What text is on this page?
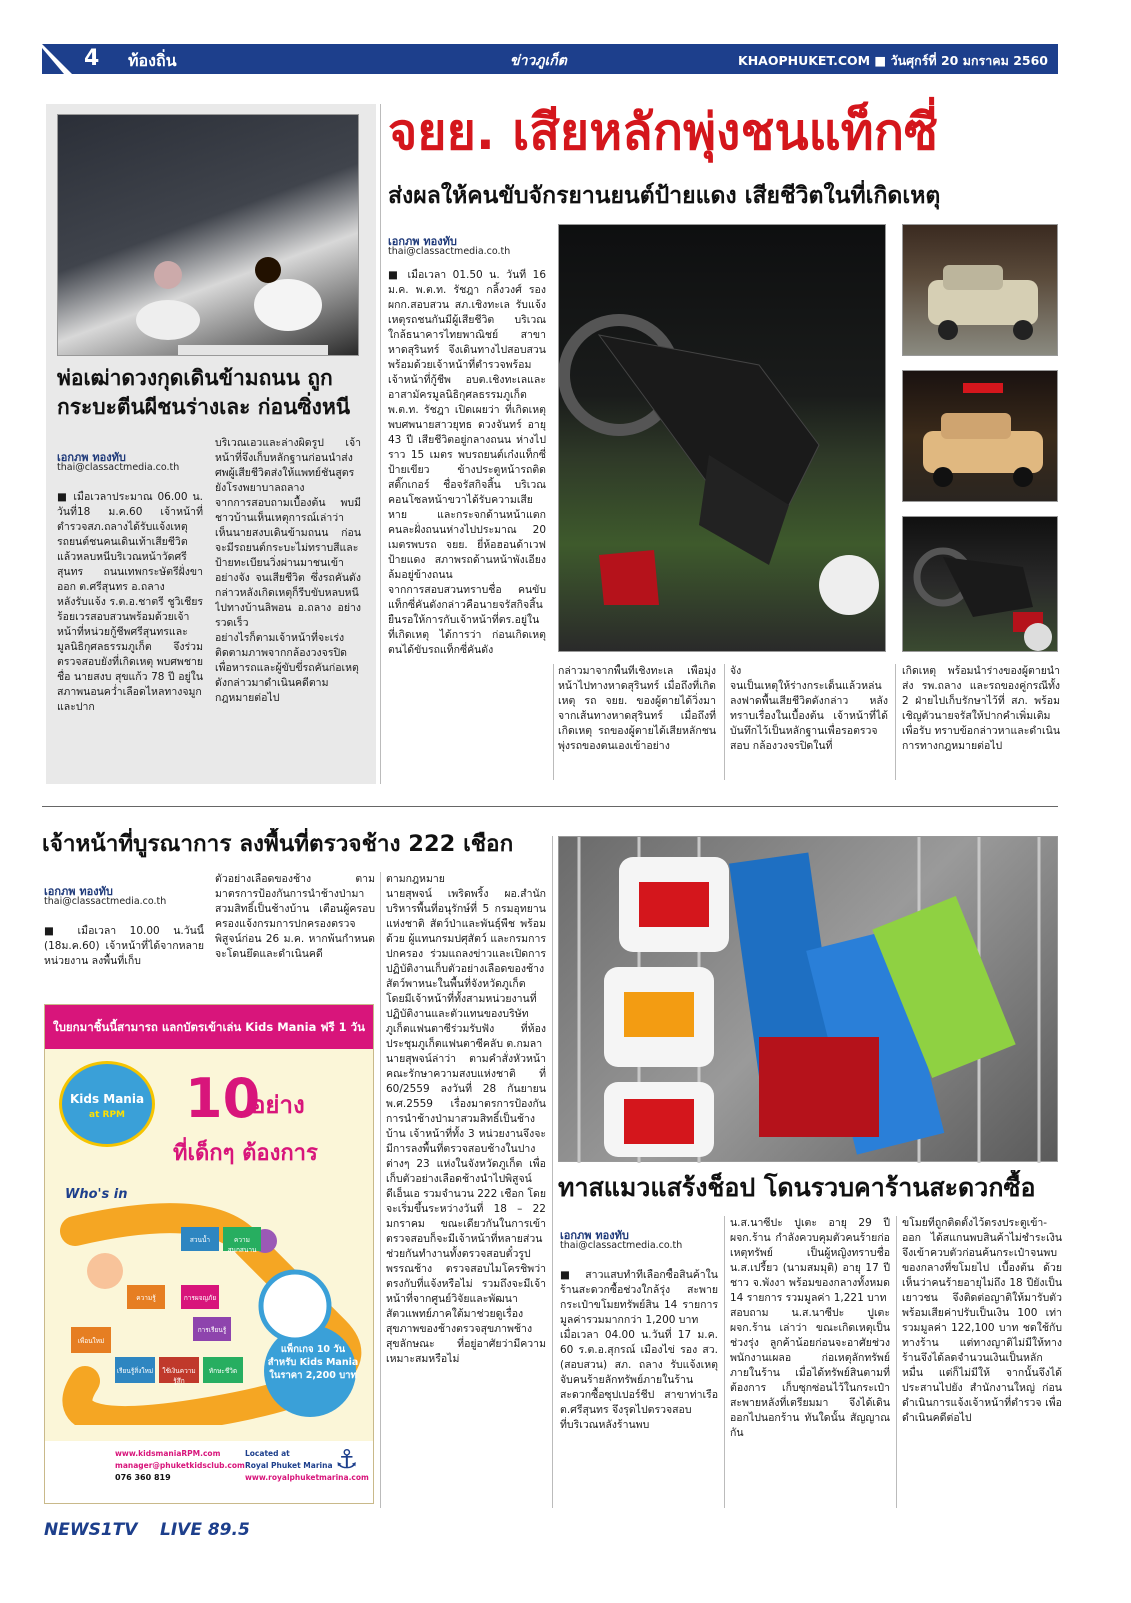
4 ท้องถิ่น	ข่าวภูเก็ต	KHAOPHUKET.COM ■ วันศุกร์ที่ 20 มกราคม 2560
พ่อเฒ่าดวงกุดเดินข้ามถนน ถูกกระบะตีนผีชนร่างเละ ก่อนซิ่งหนี
เอกภพ ทองทับ
thai@classactmedia.co.th
■ เมื่อเวลาประมาณ 06.00 น. วันที่18 ม.ค.60 เจ้าหน้าที่ตำรวจสภ.ถลางได้รับแจ้งเหตุรถยนต์ชนคนเดินเท้าเสียชีวิตแล้วหลบหนีบริเวณหน้าวัดศรีสุนทร ถนนเทพกระษัตรีฝั่งขาออก ต.ศรีสุนทร อ.ถลาง
หลังรับแจ้ง ร.ต.อ.ชาตรี ชูวิเชียร ร้อยเวรสอบสวนพร้อมด้วยเจ้าหน้าที่หน่วยกู้ชีพศรีสุนทรและมูลนิธิกุศลธรรมภูเก็ต จึงร่วมตรวจสอบยังที่เกิดเหตุ พบศพชายชื่อ นายสงบ สุขแก้ว 78 ปี อยู่ในสภาพนอนคว่ำเลือดไหลทางจมูกและปาก
บริเวณเอวและล่างผิดรูป เจ้าหน้าที่จึงเก็บหลักฐานก่อนนำส่งศพผู้เสียชีวิตส่งให้แพทย์ชันสูตรยังโรงพยาบาลถลาง
จากการสอบถามเบื้องต้น พบมีชาวบ้านเห็นเหตุการณ์เล่าว่าเห็นนายสงบเดินข้ามถนน ก่อนจะมีรถยนต์กระบะไม่ทราบสีและป้ายทะเบียนวิ่งผ่านมาชนเข้าอย่างจัง จนเสียชีวิต ซึ่งรถคันดังกล่าวหลังเกิดเหตุก็รีบขับหลบหนีไปทางบ้านลิพอน อ.ถลาง อย่างรวดเร็ว
อย่างไรก็ตามเจ้าหน้าที่จะเร่งติดตามภาพจากกล้องวงจรปิดเพื่อหารถและผู้ขับขี่รถคันก่อเหตุดังกล่าวมาดำเนินคดีตามกฎหมายต่อไป
จยย. เสียหลักพุ่งชนแท็กซี่
ส่งผลให้คนขับจักรยานยนต์ป้ายแดง เสียชีวิตในที่เกิดเหตุ
เอกภพ ทองทับ
thai@classactmedia.co.th
■ เมื่อเวลา 01.50 น. วันที่ 16 ม.ค. พ.ต.ท. รัชฎา กลิ้งวงศ์ รอง ผกก.สอบสวน สภ.เชิงทะเล รับแจ้งเหตุรถชนกันมีผู้เสียชีวิต บริเวณใกล้ธนาคารไทยพาณิชย์ สาขาหาดสุรินทร์ จึงเดินทางไปสอบสวนพร้อมด้วยเจ้าหน้าที่ตำรวจพร้อมเจ้าหน้าที่กู้ชีพ อบต.เชิงทะเลและอาสามัครมูลนิธิกุศลธรรมภูเก็ต
พ.ต.ท. รัชฎา เปิดเผยว่า ที่เกิดเหตุพบศพนายสาวยุทธ ดวงจันทร์ อายุ 43 ปี เสียชีวิตอยู่กลางถนน ห่างไปราว 15 เมตร พบรถยนต์เก๋งแท็กซี่ป้ายเขียว ข้างประตูหน้ารถติดสติ๊กเกอร์ ชื่อจรัสกิจสิ้น บริเวณคอนโซลหน้าขวาได้รับความเสียหาย และกระจกด้านหน้าแตก คนละฝั่งถนนห่างไปประมาณ 20 เมตรพบรถ จยย. ยี่ห้อฮอนด้าเวฟ ป้ายแดง สภาพรถด้านหน้าพังเอียงล้มอยู่ข้างถนน
จากการสอบสวนทราบชื่อ คนขับแท็กซี่คันดังกล่าวคือนายจรัสกิจสิ้น ยืนรอให้การกับเจ้าหน้าที่ตร.อยู่ในที่เกิดเหตุ ได้การว่า ก่อนเกิดเหตุ ตนได้ขับรถแท็กซี่คันดัง
กล่าวมาจากพื้นที่เชิงทะเล เพื่อมุ่งหน้าไปทางหาดสุรินทร์ เมื่อถึงที่เกิดเหตุ รถ จยย. ของผู้ตายได้วิ่งมาจากเส้นทางหาดสุรินทร์ เมื่อถึงที่เกิดเหตุ รถของผู้ตายได้เสียหลักชนพุ่งรถของตนเองเข้าอย่าง
จัง
จนเป็นเหตุให้ร่างกระเด็นแล้วหล่นลงฟาดพื้นเสียชีวิตดังกล่าว หลังทราบเรื่องในเบื้องต้น เจ้าหน้าที่ได้บันทึกไว้เป็นหลักฐานเพื่อรอตรวจสอบ กล้องวงจรปิดในที่
เกิดเหตุ พร้อมนำร่างของผู้ตายนำส่ง รพ.ถลาง และรถของคู่กรณีทั้ง 2 ฝ่ายไปเก็บรักษาไว้ที่ สภ. พร้อมเชิญตัวนายจรัสให้ปากคำเพิ่มเติม เพื่อรับ ทราบข้อกล่าวหาและดำเนินการทางกฎหมายต่อไป
เจ้าหน้าที่บูรณาการ ลงพื้นที่ตรวจช้าง 222 เชือก
เอกภพ ทองทับ
thai@classactmedia.co.th
■ เมื่อเวลา 10.00 น.วันนี้ (18ม.ค.60) เจ้าหน้าที่ได้จากหลายหน่วยงาน ลงพื้นที่เก็บ
ตัวอย่างเลือดของช้าง ตามมาตรการป้องกันการนำช้างป่ามาสวมสิทธิ์เป็นช้างบ้าน เตือนผู้ครอบครองแจ้งกรมการปกครองตรวจพิสูจน์ก่อน 26 ม.ค. หากพ้นกำหนดจะโดนยึดและดำเนินคดี
ตามกฎหมาย
นายสุพจน์ เพริดพริ้ง ผอ.สำนักบริหารพื้นที่อนุรักษ์ที่ 5 กรมอุทยานแห่งชาติ สัตว์ป่าและพันธุ์พืช พร้อมด้วย ผู้แทนกรมปศุสัตว์ และกรมการปกครอง ร่วมแถลงข่าวและเปิดการปฏิบัติงานเก็บตัวอย่างเลือดของช้างสัตว์พาหนะในพื้นที่จังหวัดภูเก็ต โดยมีเจ้าหน้าที่ทั้งสามหน่วยงานที่ปฏิบัติงานและตัวแทนของบริษัทภูเก็ตแฟนตาซีร่วมรับฟัง ที่ห้องประชุมภูเก็ตแฟนตาซีคลับ ต.กมลา
นายสุพจน์ล่าว่า ตามคำสั่งหัวหน้าคณะรักษาความสงบแห่งชาติ ที่ 60/2559 ลงวันที่ 28 กันยายน พ.ศ.2559 เรื่องมาตรการป้องกันการนำช้างป่ามาสวมสิทธิ์เป็นช้างบ้าน เจ้าหน้าที่ทั้ง 3 หน่วยงานจึงจะมีการลงพื้นที่ตรวจสอบช้างในปางต่างๆ 23 แห่งในจังหวัดภูเก็ต เพื่อเก็บตัวอย่างเลือดช้างนำไปพิสูจน์ดีเอ็นเอ รวมจำนวน 222 เชือก โดยจะเริ่มขึ้นระหว่างวันที่ 18 – 22 มกราคม ขณะเดียวกันในการเข้าตรวจสอบก็จะมีเจ้าหน้าที่หลายส่วนช่วยกันทำงานทั้งตรวจสอบตั๋วรูปพรรณช้าง ตรวจสอบไมโครชิพว่าตรงกับที่แจ้งหรือไม่ รวมถึงจะมีเจ้าหน้าที่จากศูนย์วิจัยและพัฒนาสัตวแพทย์ภาคใต้มาช่วยดูเรื่องสุขภาพของช้างตรวจสุขภาพช้างสุขลักษณะ ที่อยู่อาศัยว่ามีความเหมาะสมหรือไม่
ใบยกมาชิ้นนี้สามารถ แลกบัตรเข้าเล่น Kids Mania ฟรี 1 วัน
Kids Mania
at RPM	10
อย่าง
ที่เด็กๆ ต้องการ
Who's in
สวนน้ำ	ความสนุกสนาน
การผจญภัย
ความรู้
การเรียนรู้
เรียนรู้สิ่งใหม่	ใช้เงินความรู้สึก
ทักษะชีวิต
เพื่อนใหม่
แพ็กเกจ 10 วัน
สำหรับ Kids Mania
ในราคา 2,200 บาท
www.kidsmaniaRPM.com
manager@phuketkidsclub.com
076 360 819
Located at
Royal Phuket Marina
www.royalphuketmarina.com
⚓
ทาสแมวแสร้งช็อป โดนรวบคาร้านสะดวกซื้อ
เอกภพ ทองทับ
thai@classactmedia.co.th
■ สาวแสบทำทีเลือกซื้อสินค้าในร้านสะดวกซื้อช่วงใกล้รุ่ง สะพายกระเป๋าขโมยทรัพย์สิน 14 รายการ มูลค่ารวมมากกว่า 1,200 บาท
เมื่อเวลา 04.00 น.วันที่ 17 ม.ค. 60 ร.ต.อ.สุกรณ์ เมืองไข่ รอง สว.(สอบสวน) สภ. ถลาง รับแจ้งเหตุจับคนร้ายลักทรัพย์ภายในร้านสะดวกซื้อซุปเปอร์ชีป สาขาท่าเรือ ต.ศรีสุนทร จึงรุดไปตรวจสอบ
ที่บริเวณหลังร้านพบ
น.ส.นาซีปะ ปูเตะ อายุ 29 ปี ผจก.ร้าน กำลังควบคุมตัวคนร้ายก่อเหตุทรัพย์ เป็นผู้หญิงทราบชื่อ น.ส.เปรี้ยว (นามสมมุติ) อายุ 17 ปี ชาว จ.พังงา พร้อมของกลางทั้งหมด 14 รายการ รวมมูลค่า 1,221 บาท
สอบถาม น.ส.นาซีปะ ปูเตะ ผจก.ร้าน เล่าว่า ขณะเกิดเหตุเป็นช่วงรุ่ง ลูกค้าน้อยก่อนจะอาศัยช่วงพนักงานเผลอ ก่อเหตุลักทรัพย์ภายในร้าน เมื่อได้ทรัพย์สินตามที่ต้องการ เก็บซุกซ่อนไว้ในกระเป๋าสะพายหลังที่เตรียมมา จึงได้เดินออกไปนอกร้าน ทันใดนั้น สัญญาณกัน
ขโมยที่ถูกติดตั้งไว้ตรงประตูเข้า-ออก ได้สแกนพบสินค้าไม่ชำระเงิน จึงเข้าควบตัวก่อนค้นกระเป๋าจนพบของกลางที่ขโมยไป เบื้องต้น ด้วยเห็นว่าคนร้ายอายุไม่ถึง 18 ปียังเป็นเยาวชน จึงติดต่อญาติให้มารับตัว พร้อมเสียค่าปรับเป็นเงิน 100 เท่า รวมมูลค่า 122,100 บาท ชดใช้กับทางร้าน แต่ทางญาติไม่มีให้ทางร้านจึงได้ลดจำนวนเงินเป็นหลักหมื่น แต่ก็ไม่มีให้ จากนั้นจึงได้ประสานไปยัง สำนักงานใหญ่ ก่อนดำเนินการแจ้งเจ้าหน้าที่ตำรวจ เพื่อดำเนินคดีต่อไป
NEWS1TV LIVE 89.5
